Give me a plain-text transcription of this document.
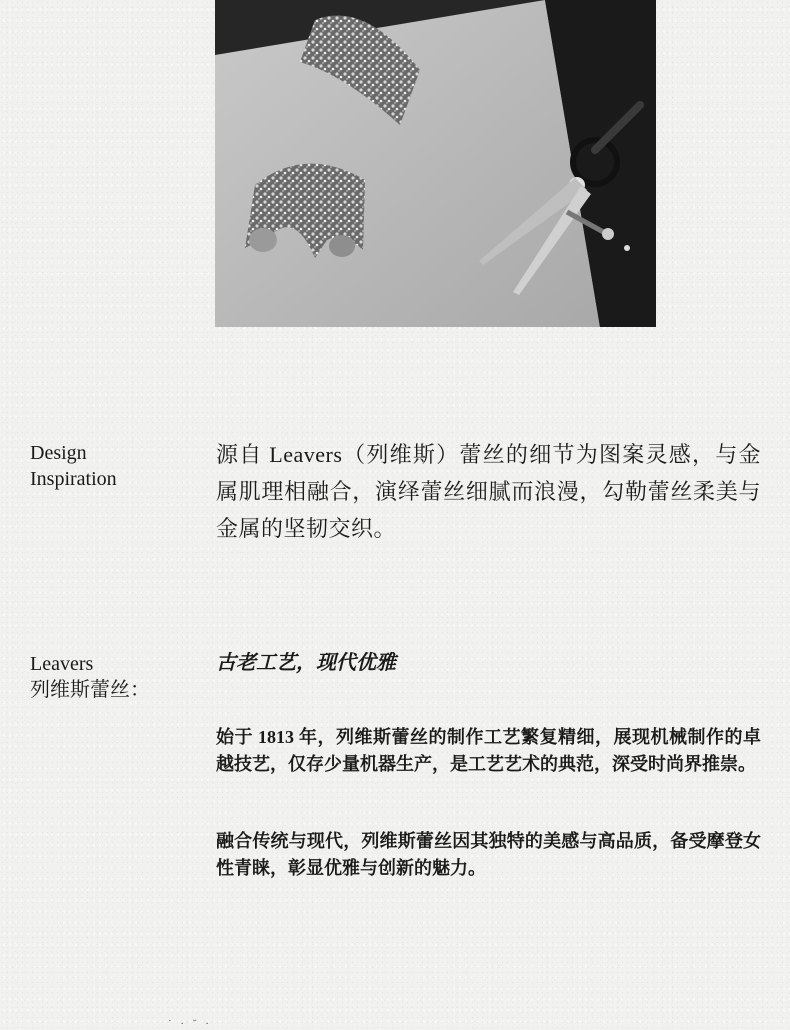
Design
Inspiration
源自 Leavers（列维斯）蕾丝的细节为图案灵感，与金属肌理相融合，演绎蕾丝细腻而浪漫，勾勒蕾丝柔美与金属的坚韧交织。
Leavers
列维斯蕾丝：
古老工艺，现代优雅
始于 1813 年，列维斯蕾丝的制作工艺繁复精细，展现机械制作的卓越技艺，仅存少量机器生产，是工艺艺术的典范，深受时尚界推崇。
融合传统与现代，列维斯蕾丝因其独特的美感与高品质，备受摩登女性青睐，彰显优雅与创新的魅力。
˙ · ˘ ·
